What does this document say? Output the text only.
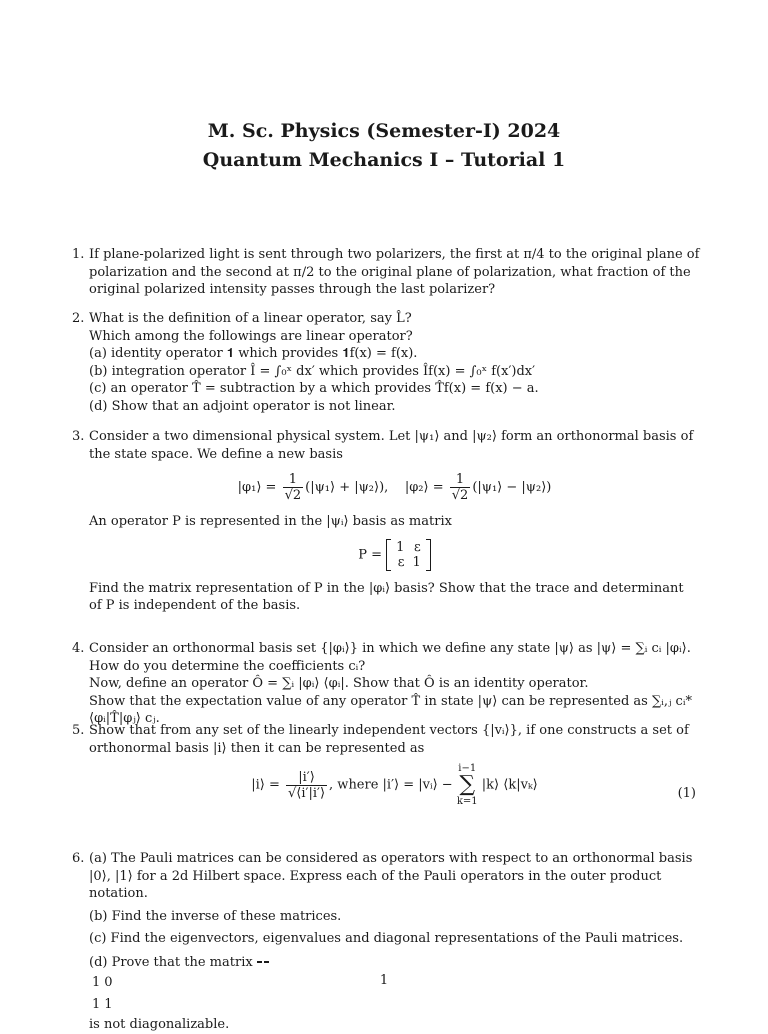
M. Sc. Physics (Semester-I) 2024
Quantum Mechanics I – Tutorial 1
1. If plane-polarized light is sent through two polarizers, the first at π/4 to the original plane of polarization and the second at π/2 to the original plane of polarization, what fraction of the original polarized intensity passes through the last polarizer?

2. What is the definition of a linear operator, say L̂?

Which among the followings are linear operator?

(a) identity operator 𝟏 which provides 𝟏f(x) = f(x).

(b) integration operator Î = ∫₀ˣ dx′ which provides Îf(x) = ∫₀ˣ f(x′)dx′

(c) an operator T̂ = subtraction by a which provides T̂f(x) = f(x) − a.

(d) Show that an adjoint operator is not linear.

3. Consider a two dimensional physical system. Let |ψ₁⟩ and |ψ₂⟩ form an orthonormal basis of the state space. We define a new basis

|φ₁⟩ = $\frac{1}{√2}$ (|ψ₁⟩ + |ψ₂⟩), |φ₂⟩ = $\frac{1}{√2}$ (|ψ₁⟩ − |ψ₂⟩)

An operator P is represented in the |ψᵢ⟩ basis as matrix

P = 1	ε
ε	1

Find the matrix representation of P in the |φᵢ⟩ basis? Show that the trace and determinant of P is independent of the basis.

4. Consider an orthonormal basis set {|φᵢ⟩} in which we define any state |ψ⟩ as |ψ⟩ = ∑ᵢ cᵢ |φᵢ⟩. How do you determine the coefficients cᵢ?

Now, define an operator Ô = ∑ᵢ |φᵢ⟩ ⟨φᵢ|. Show that Ô is an identity operator.

Show that the expectation value of any operator T̂ in state |ψ⟩ can be represented as ∑ᵢ,ⱼ cᵢ* ⟨φᵢ|T̂|φⱼ⟩ cⱼ.

5. Show that from any set of the linearly independent vectors {|vᵢ⟩}, if one constructs a set of orthonormal basis |i⟩ then it can be represented as

|i⟩ = $\frac{|i'⟩}{√⟨i'|i'⟩}$ , where |i′⟩ = |vᵢ⟩ − i−1
∑
k=1 |k⟩ ⟨k|vₖ⟩
(1)
6. (a) The Pauli matrices can be considered as operators with respect to an orthonormal basis |0⟩, |1⟩ for a 2d Hilbert space. Express each of the Pauli operators in the outer product notation.

(b) Find the inverse of these matrices.

(c) Find the eigenvectors, eigenvalues and diagonal representations of the Pauli matrices.

(d) Prove that the matrix

1	0
1	1
is not diagonalizable.

1
